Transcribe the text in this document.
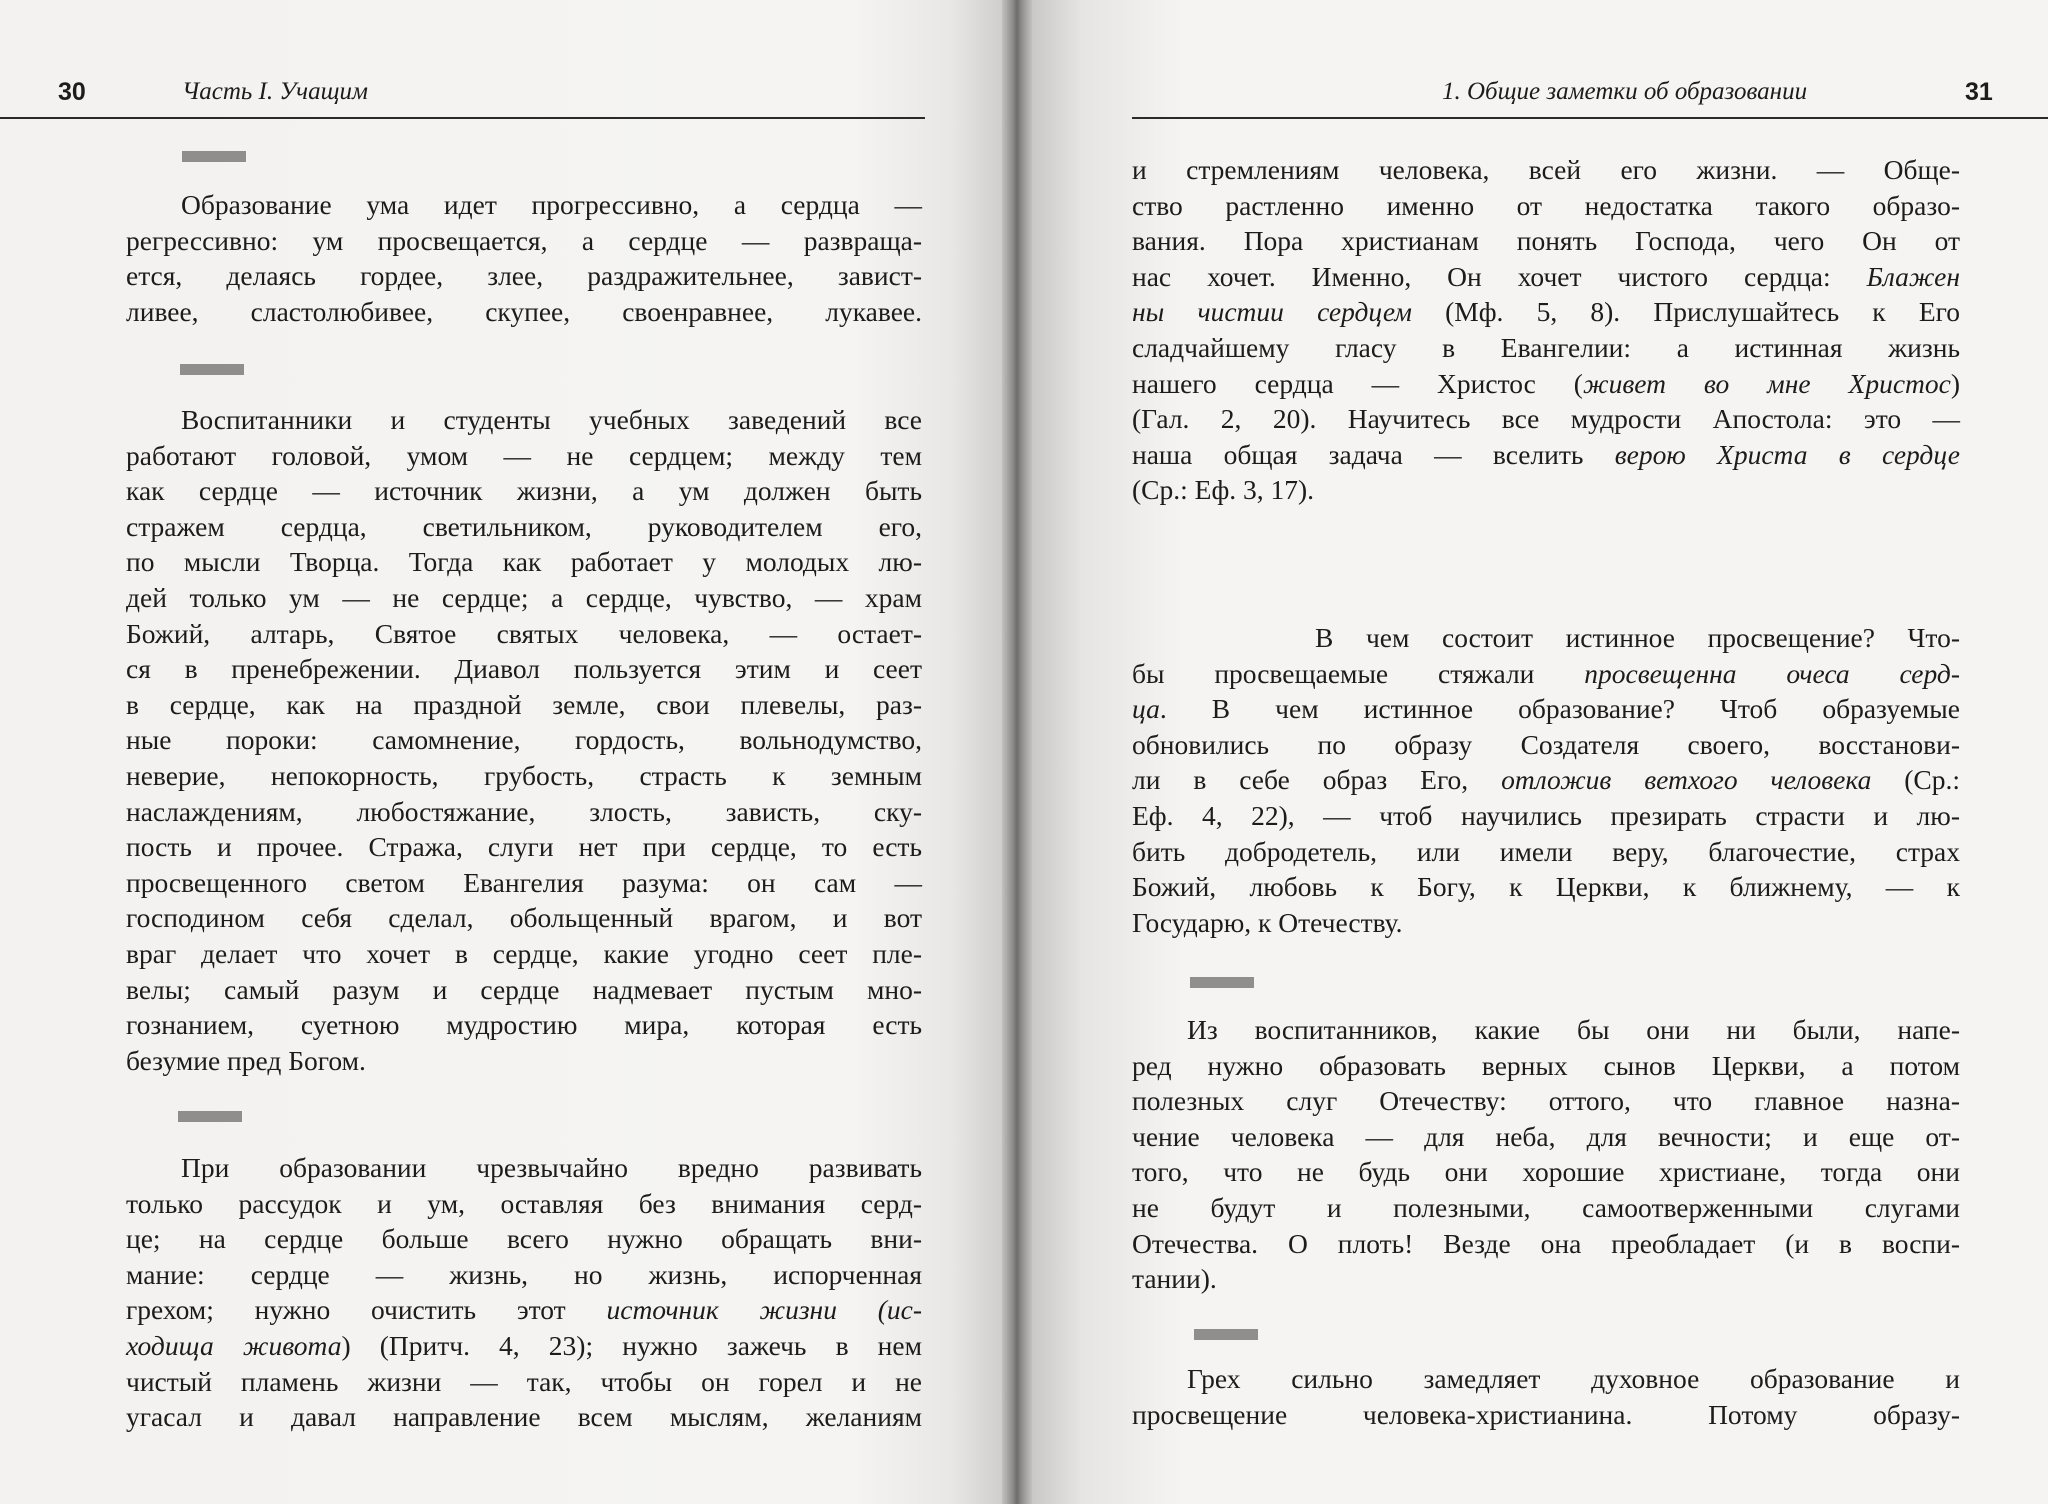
30	Часть I. Учащим
Образование ума идет прогрессивно, а сердца —
регрессивно: ум просвещается, а сердце — развраща-
ется, делаясь гордее, злее, раздражительнее, завист-
ливее, сластолюбивее, скупее, своенравнее, лукавее.
Воспитанники и студенты учебных заведений все
работают головой, умом — не сердцем; между тем
как сердце — источник жизни, а ум должен быть
стражем сердца, светильником, руководителем его,
по мысли Творца. Тогда как работает у молодых лю-
дей только ум — не сердце; а сердце, чувство, — храм
Божий, алтарь, Святое святых человека, — остает-
ся в пренебрежении. Диавол пользуется этим и сеет
в сердце, как на праздной земле, свои плевелы, раз-
ные пороки: самомнение, гордость, вольнодумство,
неверие, непокорность, грубость, страсть к земным
наслаждениям, любостяжание, злость, зависть, ску-
пость и прочее. Стража, слуги нет при сердце, то есть
просвещенного светом Евангелия разума: он сам —
господином себя сделал, обольщенный врагом, и вот
враг делает что хочет в сердце, какие угодно сеет пле-
велы; самый разум и сердце надмевает пустым мно-
гознанием, суетною мудростию мира, которая есть
безумие пред Богом.
При образовании чрезвычайно вредно развивать
только рассудок и ум, оставляя без внимания серд-
це; на сердце больше всего нужно обращать вни-
мание: сердце — жизнь, но жизнь, испорченная
грехом; нужно очистить этот источник жизни (ис-
ходища живота) (Притч. 4, 23); нужно зажечь в нем
чистый пламень жизни — так, чтобы он горел и не
угасал и давал направление всем мыслям, желаниям
1. Общие заметки об образовании	31
и стремлениям человека, всей его жизни. — Обще-
ство растленно именно от недостатка такого образо-
вания. Пора христианам понять Господа, чего Он от
нас хочет. Именно, Он хочет чистого сердца: Блажен
ны чистии сердцем (Мф. 5, 8). Прислушайтесь к Его
сладчайшему гласу в Евангелии: а истинная жизнь
нашего сердца — Христос (живет во мне Христос)
(Гал. 2, 20). Научитесь все мудрости Апостола: это —
наша общая задача — вселить верою Христа в сердце
(Ср.: Еф. 3, 17).
В чем состоит истинное просвещение? Что-
бы просвещаемые стяжали просвещенна очеса серд-
ца. В чем истинное образование? Чтоб образуемые
обновились по образу Создателя своего, восстанови-
ли в себе образ Его, отложив ветхого человека (Ср.:
Еф. 4, 22), — чтоб научились презирать страсти и лю-
бить добродетель, или имели веру, благочестие, страх
Божий, любовь к Богу, к Церкви, к ближнему, — к
Государю, к Отечеству.
Из воспитанников, какие бы они ни были, напе-
ред нужно образовать верных сынов Церкви, а потом
полезных слуг Отечеству: оттого, что главное назна-
чение человека — для неба, для вечности; и еще от-
того, что не будь они хорошие христиане, тогда они
не будут и полезными, самоотверженными слугами
Отечества. О плоть! Везде она преобладает (и в воспи-
тании).
Грех сильно замедляет духовное образование и
просвещение человека-христианина. Потому образу-
